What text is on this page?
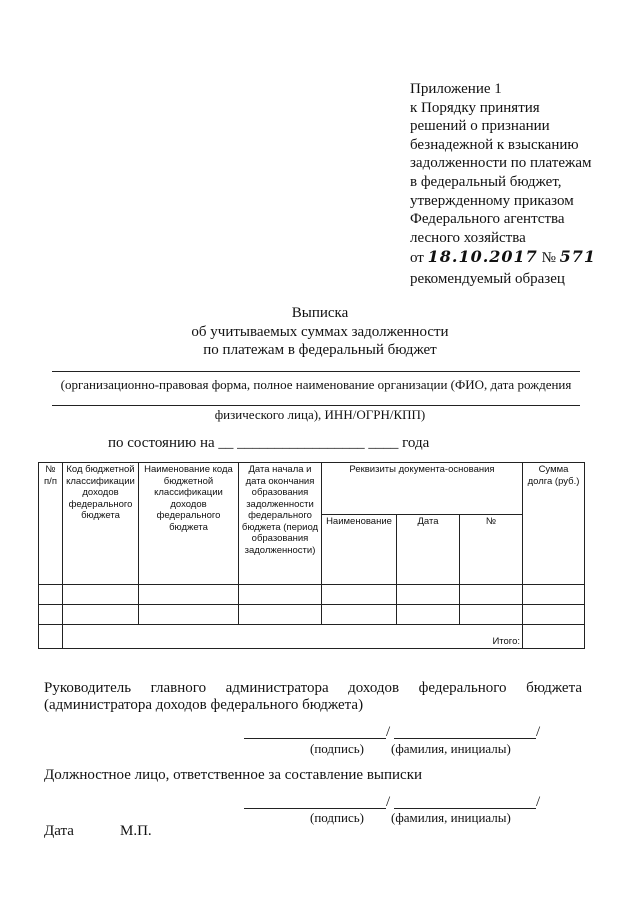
Приложение 1
к Порядку принятия
решений о признании
безнадежной к взысканию
задолженности по платежам
в федеральный бюджет,
утвержденному приказом
Федерального агентства
лесного хозяйства
от 18.10.2017 № 571
рекомендуемый образец
Выписка
об учитываемых суммах задолженности
по платежам в федеральный бюджет
(организационно-правовая форма, полное наименование организации (ФИО, дата рождения
физического лица), ИНН/ОГРН/КПП)
по состоянию на __ _________________ ____ года
№ п/п	Код бюджетной классификации доходов федерального бюджета	Наименование кода бюджетной классификации доходов федерального бюджета	Дата начала и дата окончания образования задолженности федерального бюджета (период образования задолженности)	Реквизиты документа-основания			Сумма долга (руб.)
				Наименование	Дата	№	

	Итого:						
Руководитель главного администратора доходов федерального бюджета
(администратора доходов федерального бюджета)
/	/
(подпись) (фамилия, инициалы)
Должностное лицо, ответственное за составление выписки
/	/
(подпись) (фамилия, инициалы)
Дата	М.П.
